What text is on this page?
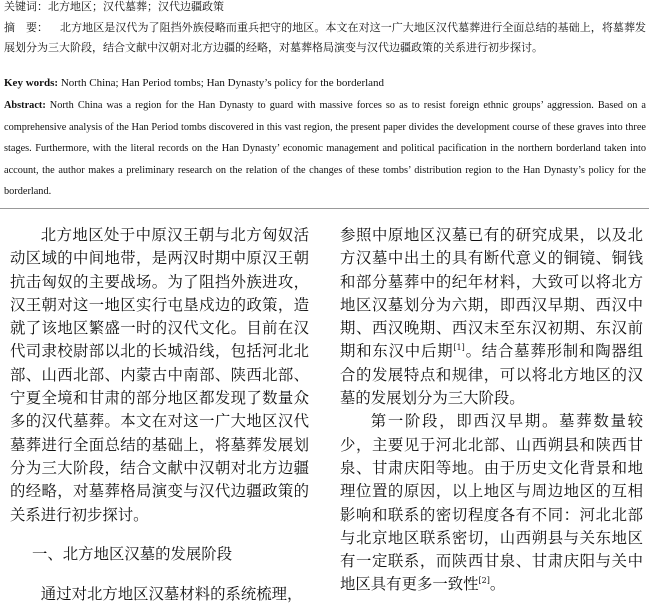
关键词：北方地区；汉代墓葬；汉代边疆政策
摘　要： 北方地区是汉代为了阻挡外族侵略而重兵把守的地区。本文在对这一广大地区汉代墓葬进行全面总结的基础上，将墓葬发展划分为三大阶段，结合文献中汉朝对北方边疆的经略，对墓葬格局演变与汉代边疆政策的关系进行初步探讨。
Key words: North China; Han Period tombs; Han Dynasty’s policy for the borderland
Abstract: North China was a region for the Han Dynasty to guard with massive forces so as to resist foreign ethnic groups’ aggression. Based on a comprehensive analysis of the Han Period tombs discovered in this vast region, the present paper divides the development course of these graves into three stages. Furthermore, with the literal records on the Han Dynasty’ economic management and political pacification in the northern borderland taken into account, the author makes a preliminary research on the relation of the changes of these tombs’ distribution region to the Han Dynasty’s policy for the borderland.

北方地区处于中原汉王朝与北方匈奴活动区域的中间地带，是两汉时期中原汉王朝抗击匈奴的主要战场。为了阻挡外族进攻，汉王朝对这一地区实行屯垦戍边的政策，造就了该地区繁盛一时的汉代文化。目前在汉代司隶校尉部以北的长城沿线，包括河北北部、山西北部、内蒙古中南部、陕西北部、宁夏全境和甘肃的部分地区都发现了数量众多的汉代墓葬。本文在对这一广大地区汉代墓葬进行全面总结的基础上，将墓葬发展划分为三大阶段，结合文献中汉朝对北方边疆的经略，对墓葬格局演变与汉代边疆政策的关系进行初步探讨。

一、北方地区汉墓的发展阶段

通过对北方地区汉墓材料的系统梳理，

参照中原地区汉墓已有的研究成果，以及北方汉墓中出土的具有断代意义的铜镜、铜钱和部分墓葬中的纪年材料，大致可以将北方地区汉墓划分为六期，即西汉早期、西汉中期、西汉晚期、西汉末至东汉初期、东汉前期和东汉中后期[1]。结合墓葬形制和陶器组合的发展特点和规律，可以将北方地区的汉墓的发展划分为三大阶段。

第一阶段，即西汉早期。墓葬数量较少，主要见于河北北部、山西朔县和陕西甘泉、甘肃庆阳等地。由于历史文化背景和地理位置的原因，以上地区与周边地区的互相影响和联系的密切程度各有不同：河北北部与北京地区联系密切，山西朔县与关东地区有一定联系，而陕西甘泉、甘肃庆阳与关中地区具有更多一致性[2]。
